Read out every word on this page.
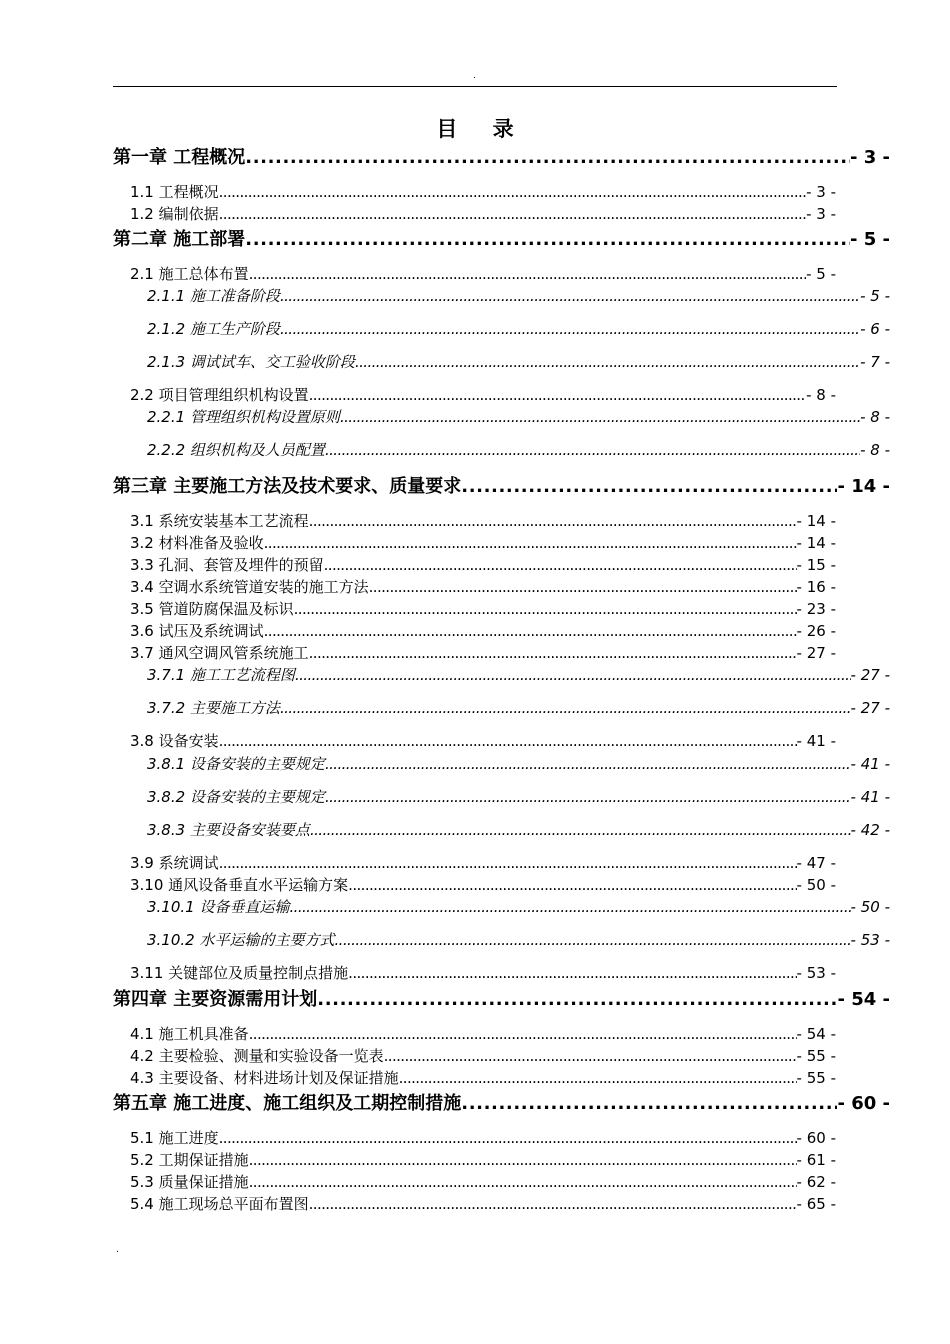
.
目 录
第一章 工程概况 .....	- 3 -
1.1 工程概况 .....	- 3 -
1.2 编制依据 .....	- 3 -
第二章 施工部署 .....	- 5 -
2.1 施工总体布置 .....	- 5 -
2.1.1 施工准备阶段 .....	- 5 -
2.1.2 施工生产阶段 .....	- 6 -
2.1.3 调试试车、交工验收阶段 .....	- 7 -
2.2 项目管理组织机构设置 .....	- 8 -
2.2.1 管理组织机构设置原则 .....	- 8 -
2.2.2 组织机构及人员配置 .....	- 8 -
第三章 主要施工方法及技术要求、质量要求 .....	- 14 -
3.1 系统安装基本工艺流程 .....	- 14 -
3.2 材料准备及验收 .....	- 14 -
3.3 孔洞、套管及埋件的预留 .....	- 15 -
3.4 空调水系统管道安装的施工方法 .....	- 16 -
3.5 管道防腐保温及标识 .....	- 23 -
3.6 试压及系统调试 .....	- 26 -
3.7 通风空调风管系统施工 .....	- 27 -
3.7.1 施工工艺流程图 .....	- 27 -
3.7.2 主要施工方法 .....	- 27 -
3.8 设备安装 .....	- 41 -
3.8.1 设备安装的主要规定 .....	- 41 -
3.8.2 设备安装的主要规定 .....	- 41 -
3.8.3 主要设备安装要点 .....	- 42 -
3.9 系统调试 .....	- 47 -
3.10 通风设备垂直水平运输方案 .....	- 50 -
3.10.1 设备垂直运输 .....	- 50 -
3.10.2 水平运输的主要方式 .....	- 53 -
3.11 关键部位及质量控制点措施 .....	- 53 -
第四章 主要资源需用计划 .....	- 54 -
4.1 施工机具准备 .....	- 54 -
4.2 主要检验、测量和实验设备一览表 .....	- 55 -
4.3 主要设备、材料进场计划及保证措施 .....	- 55 -
第五章 施工进度、施工组织及工期控制措施 .....	- 60 -
5.1 施工进度 .....	- 60 -
5.2 工期保证措施 .....	- 61 -
5.3 质量保证措施 .....	- 62 -
5.4 施工现场总平面布置图 .....	- 65 -
.
